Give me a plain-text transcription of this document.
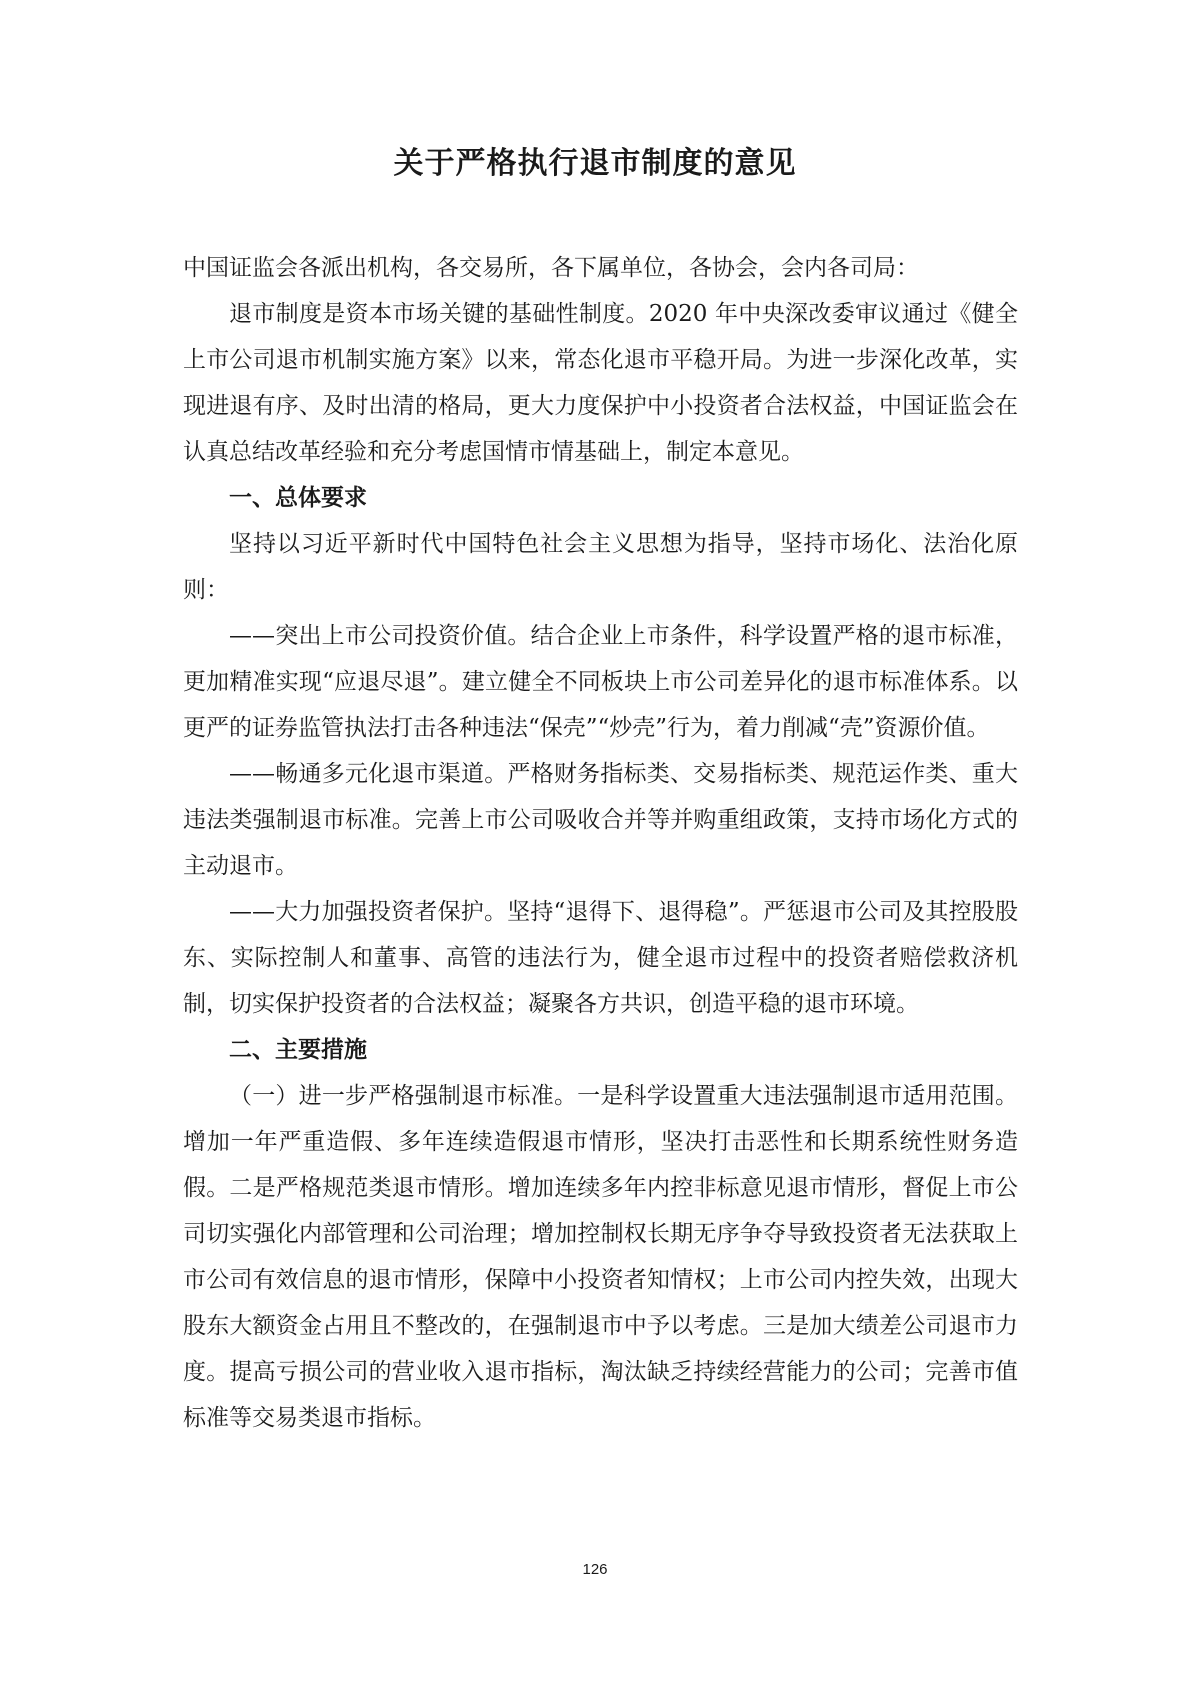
关于严格执行退市制度的意见

中国证监会各派出机构，各交易所，各下属单位，各协会，会内各司局：

退市制度是资本市场关键的基础性制度。2020 年中央深改委审议通过《健全上市公司退市机制实施方案》以来，常态化退市平稳开局。为进一步深化改革，实现进退有序、及时出清的格局，更大力度保护中小投资者合法权益，中国证监会在认真总结改革经验和充分考虑国情市情基础上，制定本意见。

一、总体要求

坚持以习近平新时代中国特色社会主义思想为指导，坚持市场化、法治化原则：

——突出上市公司投资价值。结合企业上市条件，科学设置严格的退市标准，更加精准实现“应退尽退”。建立健全不同板块上市公司差异化的退市标准体系。以更严的证券监管执法打击各种违法“保壳”“炒壳”行为，着力削减“壳”资源价值。

——畅通多元化退市渠道。严格财务指标类、交易指标类、规范运作类、重大违法类强制退市标准。完善上市公司吸收合并等并购重组政策，支持市场化方式的主动退市。

——大力加强投资者保护。坚持“退得下、退得稳”。严惩退市公司及其控股股东、实际控制人和董事、高管的违法行为，健全退市过程中的投资者赔偿救济机制，切实保护投资者的合法权益；凝聚各方共识，创造平稳的退市环境。

二、主要措施

（一）进一步严格强制退市标准。一是科学设置重大违法强制退市适用范围。增加一年严重造假、多年连续造假退市情形，坚决打击恶性和长期系统性财务造假。二是严格规范类退市情形。增加连续多年内控非标意见退市情形，督促上市公司切实强化内部管理和公司治理；增加控制权长期无序争夺导致投资者无法获取上市公司有效信息的退市情形，保障中小投资者知情权；上市公司内控失效，出现大股东大额资金占用且不整改的，在强制退市中予以考虑。三是加大绩差公司退市力度。提高亏损公司的营业收入退市指标，淘汰缺乏持续经营能力的公司；完善市值标准等交易类退市指标。

126
